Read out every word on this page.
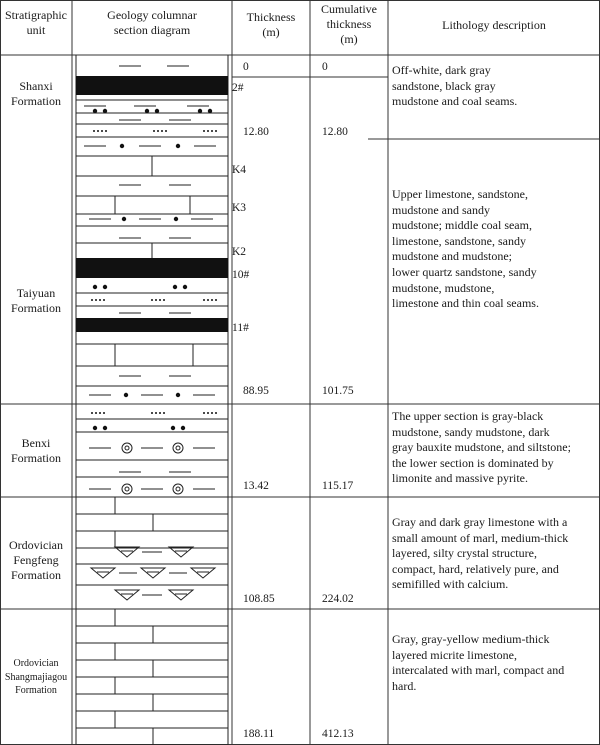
Stratigraphic
unit
Geology columnar
section diagram
Thickness
(m)
Cumulative
thickness
(m)
Lithology description
Shanxi
Formation
Taiyuan
Formation
Benxi
Formation
Ordovician
Fengfeng
Formation
Ordovician
Shangmajiagou
Formation
0	0
12.80
88.95
13.42
108.85
188.11
12.80
101.75
115.17
224.02
412.13
Off-white, dark gray
sandstone, black gray
mudstone and coal seams.
Upper limestone, sandstone,
mudstone and sandy
mudstone; middle coal seam,
limestone, sandstone, sandy
mudstone and mudstone;
lower quartz sandstone, sandy
mudstone, mudstone,
limestone and thin coal seams.
The upper section is gray-black
mudstone, sandy mudstone, dark
gray bauxite mudstone, and siltstone;
the lower section is dominated by
limonite and massive pyrite.
Gray and dark gray limestone with a
small amount of marl, medium-thick
layered, silty crystal structure,
compact, hard, relatively pure, and
semifilled with calcium.
Gray, gray-yellow medium-thick
layered micrite limestone,
intercalated with marl, compact and
hard.
2#
K4
K3
K2
10#
11#
